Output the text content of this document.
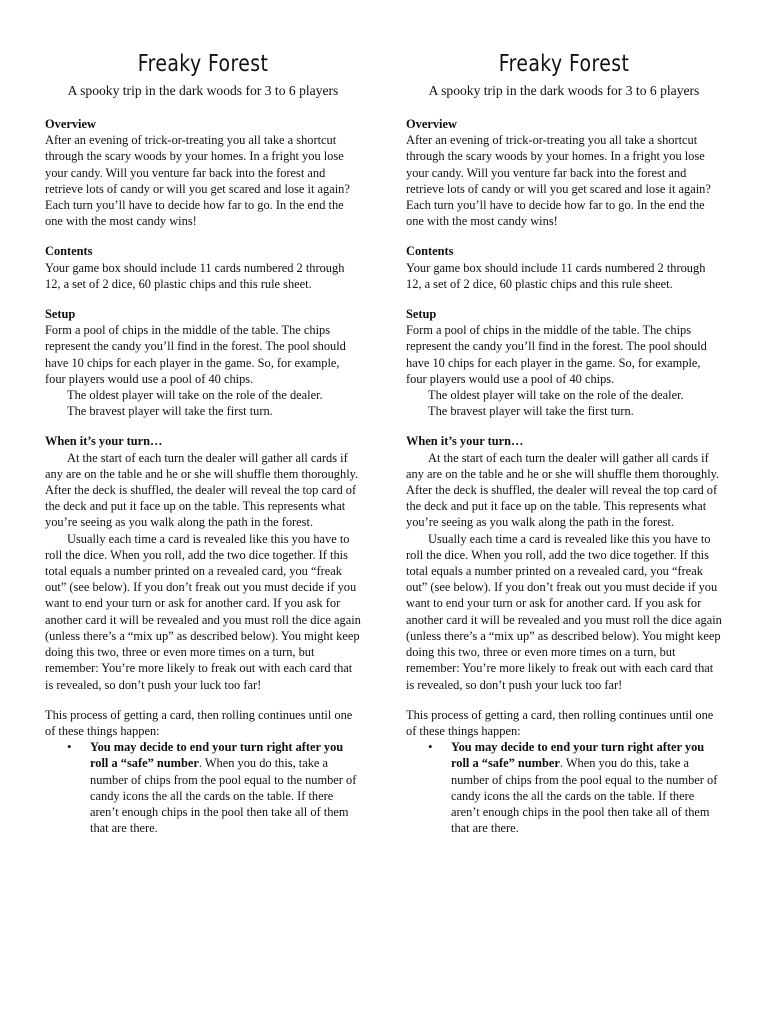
Freaky Forest
A spooky trip in the dark woods for 3 to 6 players

Overview

After an evening of trick-or-treating you all take a shortcut through the scary woods by your homes. In a fright you lose your candy. Will you venture far back into the forest and retrieve lots of candy or will you get scared and lose it again? Each turn you’ll have to decide how far to go. In the end the one with the most candy wins!

Contents

Your game box should include 11 cards numbered 2 through 12, a set of 2 dice, 60 plastic chips and this rule sheet.

Setup

Form a pool of chips in the middle of the table. The chips represent the candy you’ll find in the forest. The pool should have 10 chips for each player in the game. So, for example, four players would use a pool of 40 chips.

The oldest player will take on the role of the dealer.

The bravest player will take the first turn.

When it’s your turn…

At the start of each turn the dealer will gather all cards if any are on the table and he or she will shuffle them thoroughly. After the deck is shuffled, the dealer will reveal the top card of the deck and put it face up on the table. This represents what you’re seeing as you walk along the path in the forest.

Usually each time a card is revealed like this you have to roll the dice. When you roll, add the two dice together. If this total equals a number printed on a revealed card, you “freak out” (see below). If you don’t freak out you must decide if you want to end your turn or ask for another card. If you ask for another card it will be revealed and you must roll the dice again (unless there’s a “mix up” as described below). You might keep doing this two, three or even more times on a turn, but remember: You’re more likely to freak out with each card that is revealed, so don’t push your luck too far!

This process of getting a card, then rolling continues until one of these things happen:

• You may decide to end your turn right after you roll a “safe” number. When you do this, take a number of chips from the pool equal to the number of candy icons the all the cards on the table. If there aren’t enough chips in the pool then take all of them that are there.
Freaky Forest
A spooky trip in the dark woods for 3 to 6 players

Overview

After an evening of trick-or-treating you all take a shortcut through the scary woods by your homes. In a fright you lose your candy. Will you venture far back into the forest and retrieve lots of candy or will you get scared and lose it again? Each turn you’ll have to decide how far to go. In the end the one with the most candy wins!

Contents

Your game box should include 11 cards numbered 2 through 12, a set of 2 dice, 60 plastic chips and this rule sheet.

Setup

Form a pool of chips in the middle of the table. The chips represent the candy you’ll find in the forest. The pool should have 10 chips for each player in the game. So, for example, four players would use a pool of 40 chips.

The oldest player will take on the role of the dealer.

The bravest player will take the first turn.

When it’s your turn…

At the start of each turn the dealer will gather all cards if any are on the table and he or she will shuffle them thoroughly. After the deck is shuffled, the dealer will reveal the top card of the deck and put it face up on the table. This represents what you’re seeing as you walk along the path in the forest.

Usually each time a card is revealed like this you have to roll the dice. When you roll, add the two dice together. If this total equals a number printed on a revealed card, you “freak out” (see below). If you don’t freak out you must decide if you want to end your turn or ask for another card. If you ask for another card it will be revealed and you must roll the dice again (unless there’s a “mix up” as described below). You might keep doing this two, three or even more times on a turn, but remember: You’re more likely to freak out with each card that is revealed, so don’t push your luck too far!

This process of getting a card, then rolling continues until one of these things happen:

• You may decide to end your turn right after you roll a “safe” number. When you do this, take a number of chips from the pool equal to the number of candy icons the all the cards on the table. If there aren’t enough chips in the pool then take all of them that are there.
